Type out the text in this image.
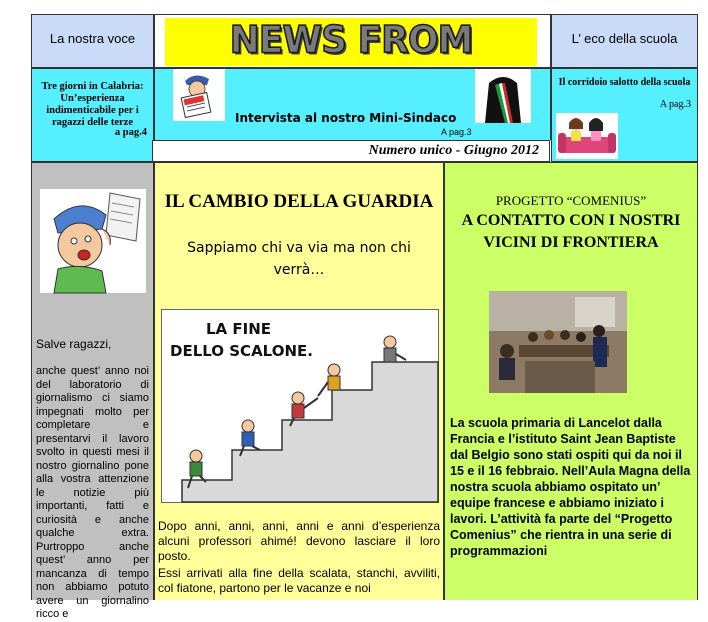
La nostra voce	NEWS FROM	L’ eco della scuola
Tre giorni in Calabria: Un’esperienza indimenticabile per i ragazzi delle terze
a pag.4
Intervista al nostro Mini-Sindaco
A pag.3
Il corridoio salotto della scuola
A pag.3
Numero unico - Giugno 2012
Salve ragazzi,
anche quest’ anno noi del laboratorio di giornalismo ci siamo impegnati molto per completare e presentarvi il lavoro svolto in questi mesi il nostro giornalino pone alla vostra attenzione le notizie più importanti, fatti e curiosità e anche qualche extra. Purtroppo anche quest’ anno per mancanza di tempo non abbiamo potuto avere un giornalino ricco e
IL CAMBIO DELLA GUARDIA
Sappiamo chi va via ma non chi verrà…
LA FINE
DELLO SCALONE.

Dopo anni, anni, anni, anni e anni d’esperienza alcuni professori ahimé! devono lasciare il loro posto.

Essi arrivati alla fine della scalata, stanchi, avviliti, col fiatone, partono per le vacanze e noi

PROGETTO “COMENIUS”
A CONTATTO CON I NOSTRI VICINI DI FRONTIERA
La scuola primaria di Lancelot dalla Francia e l’istituto Saint Jean Baptiste dal Belgio sono stati ospiti qui da noi il 15 e il 16 febbraio. Nell’Aula Magna della nostra scuola abbiamo ospitato un’ equipe francese e abbiamo iniziato i lavori. L’attività fa parte del “Progetto Comenius” che rientra in una serie di programmazioni
